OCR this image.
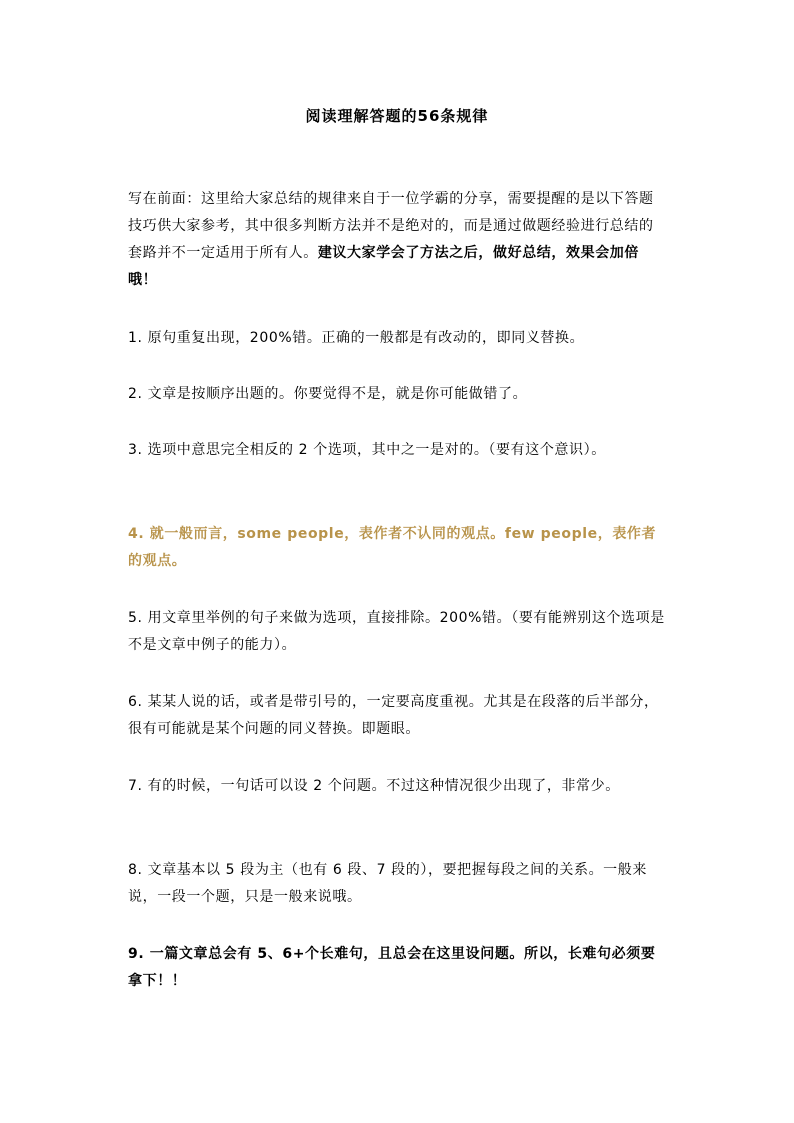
阅读理解答题的56条规律

写在前面：这里给大家总结的规律来自于一位学霸的分享，需要提醒的是以下答题技巧供大家参考，其中很多判断方法并不是绝对的，而是通过做题经验进行总结的套路并不一定适用于所有人。建议大家学会了方法之后，做好总结，效果会加倍哦！

1. 原句重复出现，200%错。正确的一般都是有改动的，即同义替换。

2. 文章是按顺序出题的。你要觉得不是，就是你可能做错了。

3. 选项中意思完全相反的 2 个选项，其中之一是对的。（要有这个意识）。

4. 就一般而言，some people，表作者不认同的观点。few people，表作者的观点。

5. 用文章里举例的句子来做为选项，直接排除。200%错。（要有能辨别这个选项是不是文章中例子的能力）。

6. 某某人说的话，或者是带引号的，一定要高度重视。尤其是在段落的后半部分，很有可能就是某个问题的同义替换。即题眼。

7. 有的时候，一句话可以设 2 个问题。不过这种情况很少出现了，非常少。

8. 文章基本以 5 段为主（也有 6 段、7 段的），要把握每段之间的关系。一般来说，一段一个题，只是一般来说哦。

9. 一篇文章总会有 5、6+个长难句，且总会在这里设问题。所以，长难句必须要拿下！！
